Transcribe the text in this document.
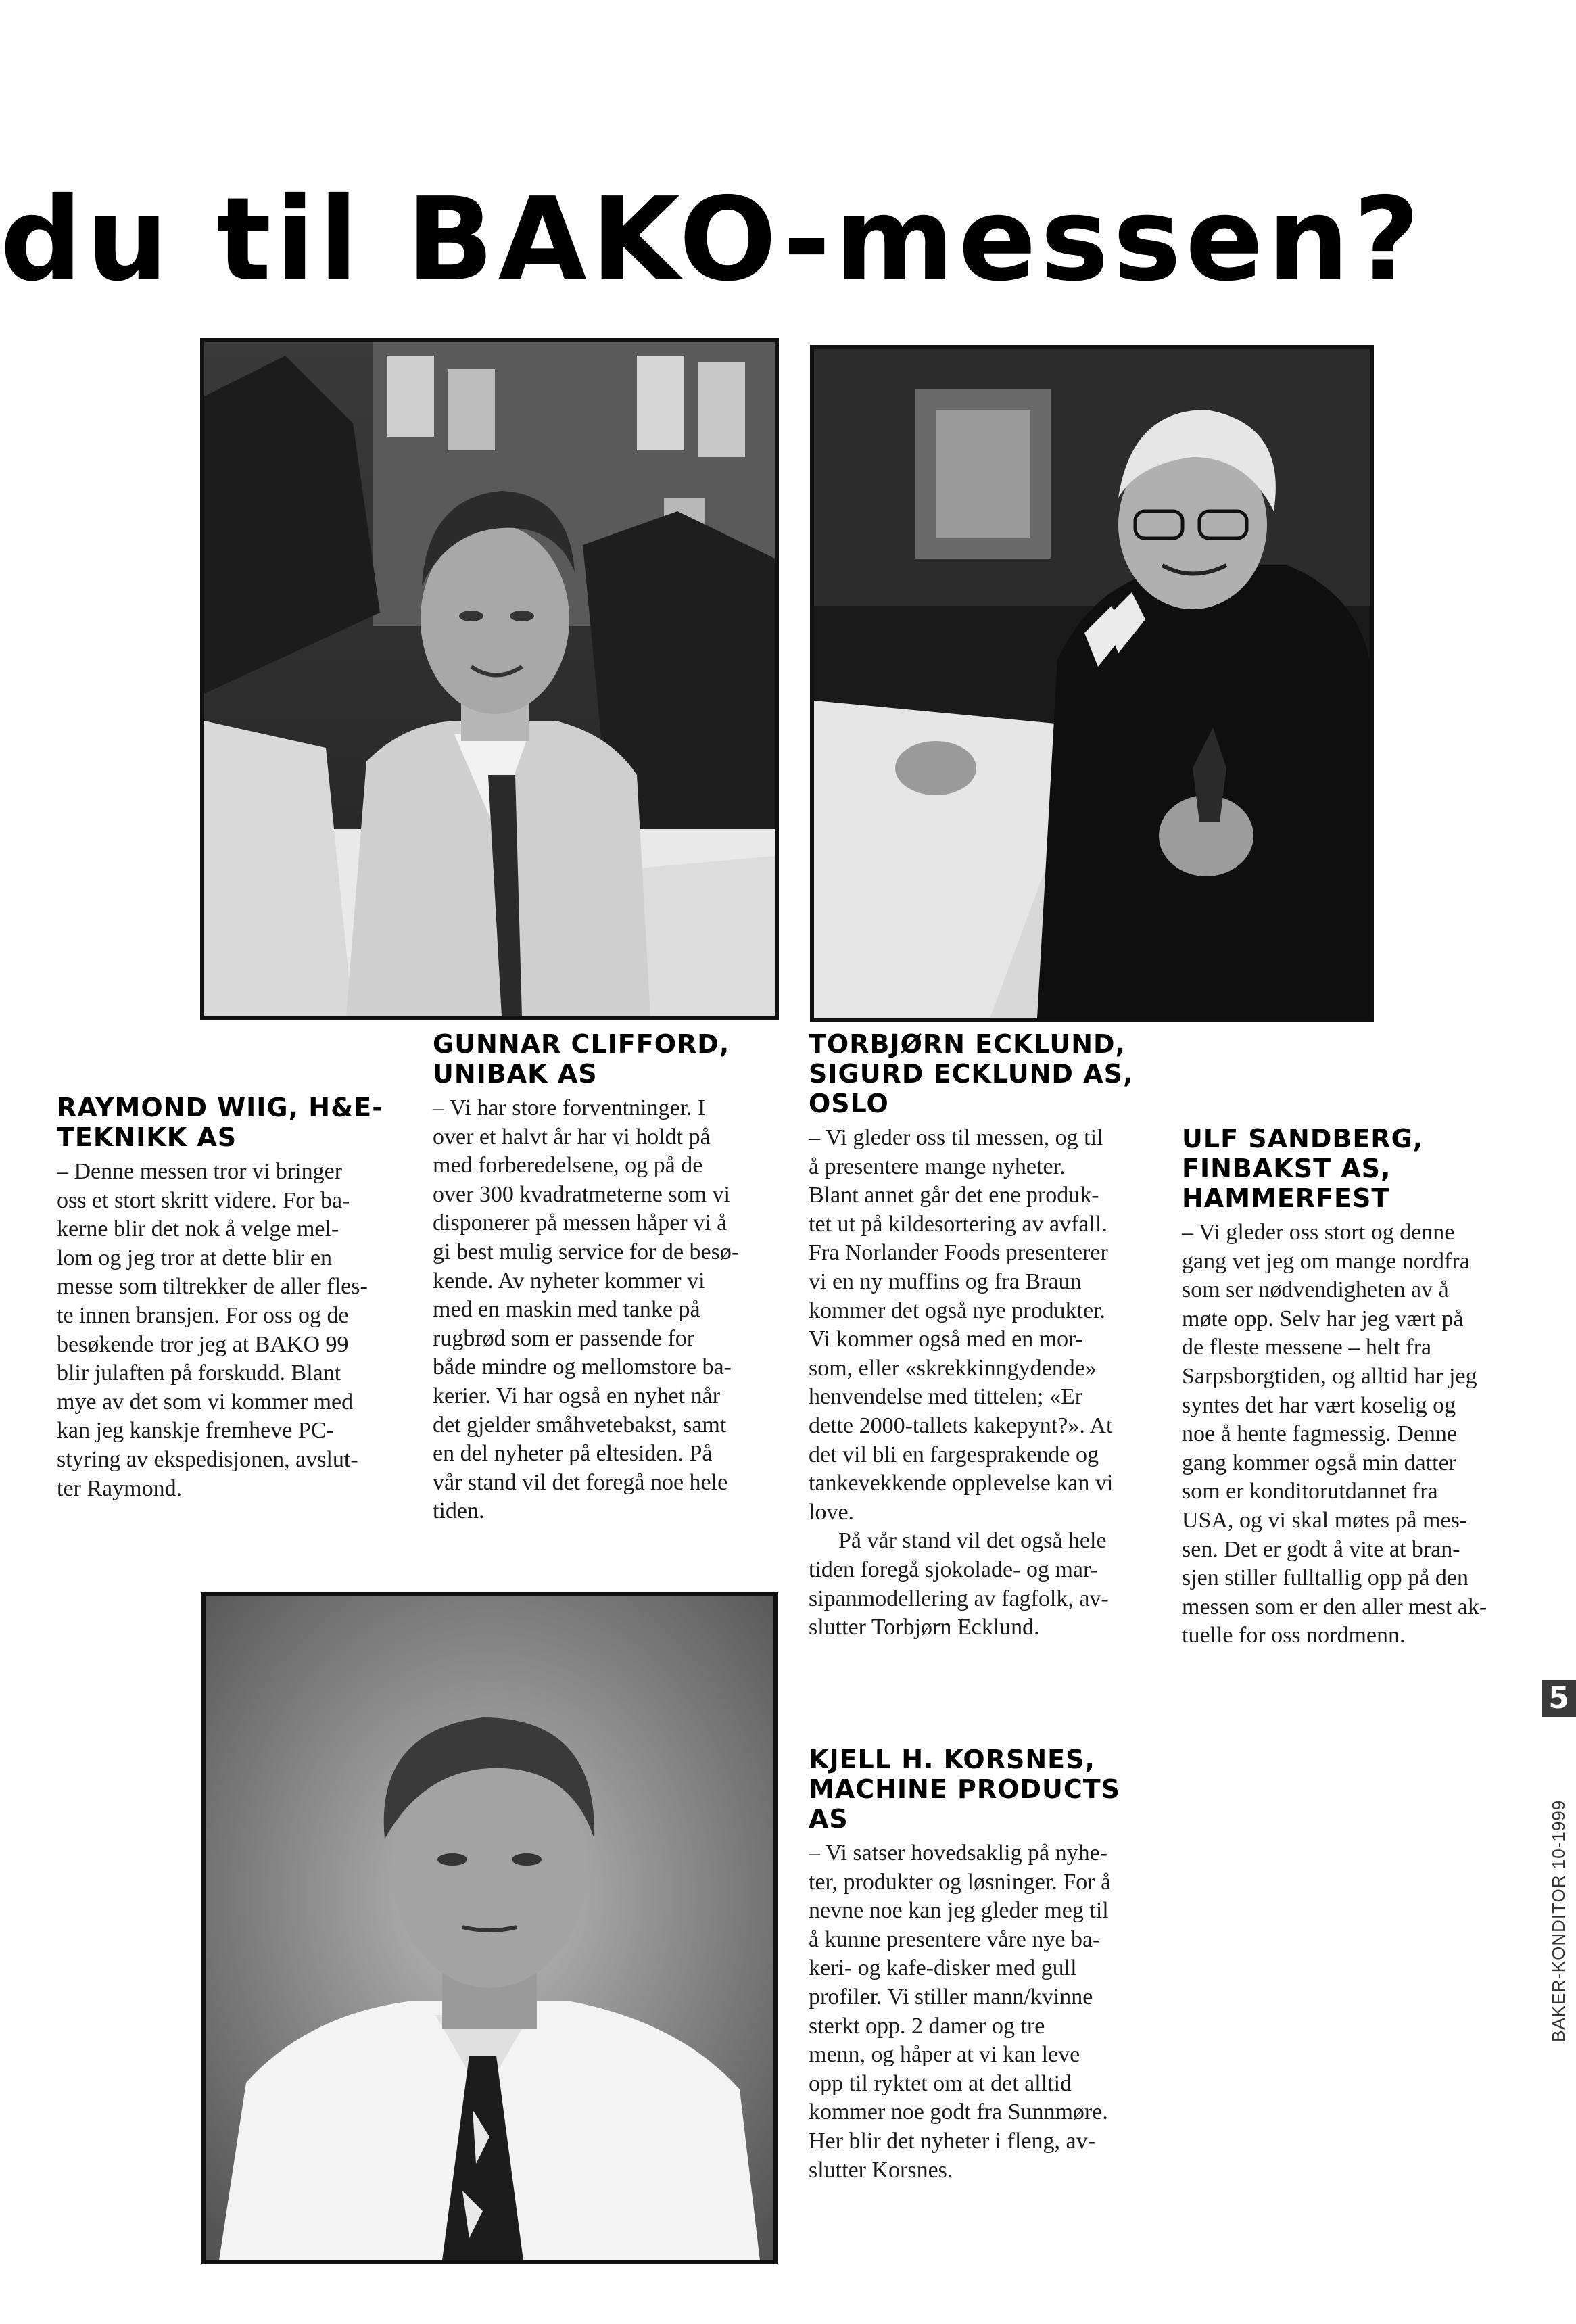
du til BAKO-messen?
RAYMOND WIIG, H&E-
TEKNIKK AS

– Denne messen tror vi bringer
oss et stort skritt videre. For ba-
kerne blir det nok å velge mel-
lom og jeg tror at dette blir en
messe som tiltrekker de aller fles-
te innen bransjen. For oss og de
besøkende tror jeg at BAKO 99
blir julaften på forskudd. Blant
mye av det som vi kommer med
kan jeg kanskje fremheve PC-
styring av ekspedisjonen, avslut-
ter Raymond.

GUNNAR CLIFFORD,
UNIBAK AS

– Vi har store forventninger. I
over et halvt år har vi holdt på
med forberedelsene, og på de
over 300 kvadratmeterne som vi
disponerer på messen håper vi å
gi best mulig service for de besø-
kende. Av nyheter kommer vi
med en maskin med tanke på
rugbrød som er passende for
både mindre og mellomstore ba-
kerier. Vi har også en nyhet når
det gjelder småhvetebakst, samt
en del nyheter på eltesiden. På
vår stand vil det foregå noe hele
tiden.

TORBJØRN ECKLUND,
SIGURD ECKLUND AS,
OSLO

– Vi gleder oss til messen, og til
å presentere mange nyheter.
Blant annet går det ene produk-
tet ut på kildesortering av avfall.
Fra Norlander Foods presenterer
vi en ny muffins og fra Braun
kommer det også nye produkter.
Vi kommer også med en mor-
som, eller «skrekkinngydende»
henvendelse med tittelen; «Er
dette 2000-tallets kakepynt?». At
det vil bli en fargesprakende og
tankevekkende opplevelse kan vi
love.

På vår stand vil det også hele
tiden foregå sjokolade- og mar-
sipanmodellering av fagfolk, av-
slutter Torbjørn Ecklund.

ULF SANDBERG,
FINBAKST AS,
HAMMERFEST

– Vi gleder oss stort og denne
gang vet jeg om mange nordfra
som ser nødvendigheten av å
møte opp. Selv har jeg vært på
de fleste messene – helt fra
Sarpsborgtiden, og alltid har jeg
syntes det har vært koselig og
noe å hente fagmessig. Denne
gang kommer også min datter
som er konditorutdannet fra
USA, og vi skal møtes på mes-
sen. Det er godt å vite at bran-
sjen stiller fulltallig opp på den
messen som er den aller mest ak-
tuelle for oss nordmenn.

KJELL H. KORSNES,
MACHINE PRODUCTS
AS

– Vi satser hovedsaklig på nyhe-
ter, produkter og løsninger. For å
nevne noe kan jeg gleder meg til
å kunne presentere våre nye ba-
keri- og kafe-disker med gull
profiler. Vi stiller mann/kvinne
sterkt opp. 2 damer og tre
menn, og håper at vi kan leve
opp til ryktet om at det alltid
kommer noe godt fra Sunnmøre.
Her blir det nyheter i fleng, av-
slutter Korsnes.

5
BAKER-KONDITOR 10-1999
